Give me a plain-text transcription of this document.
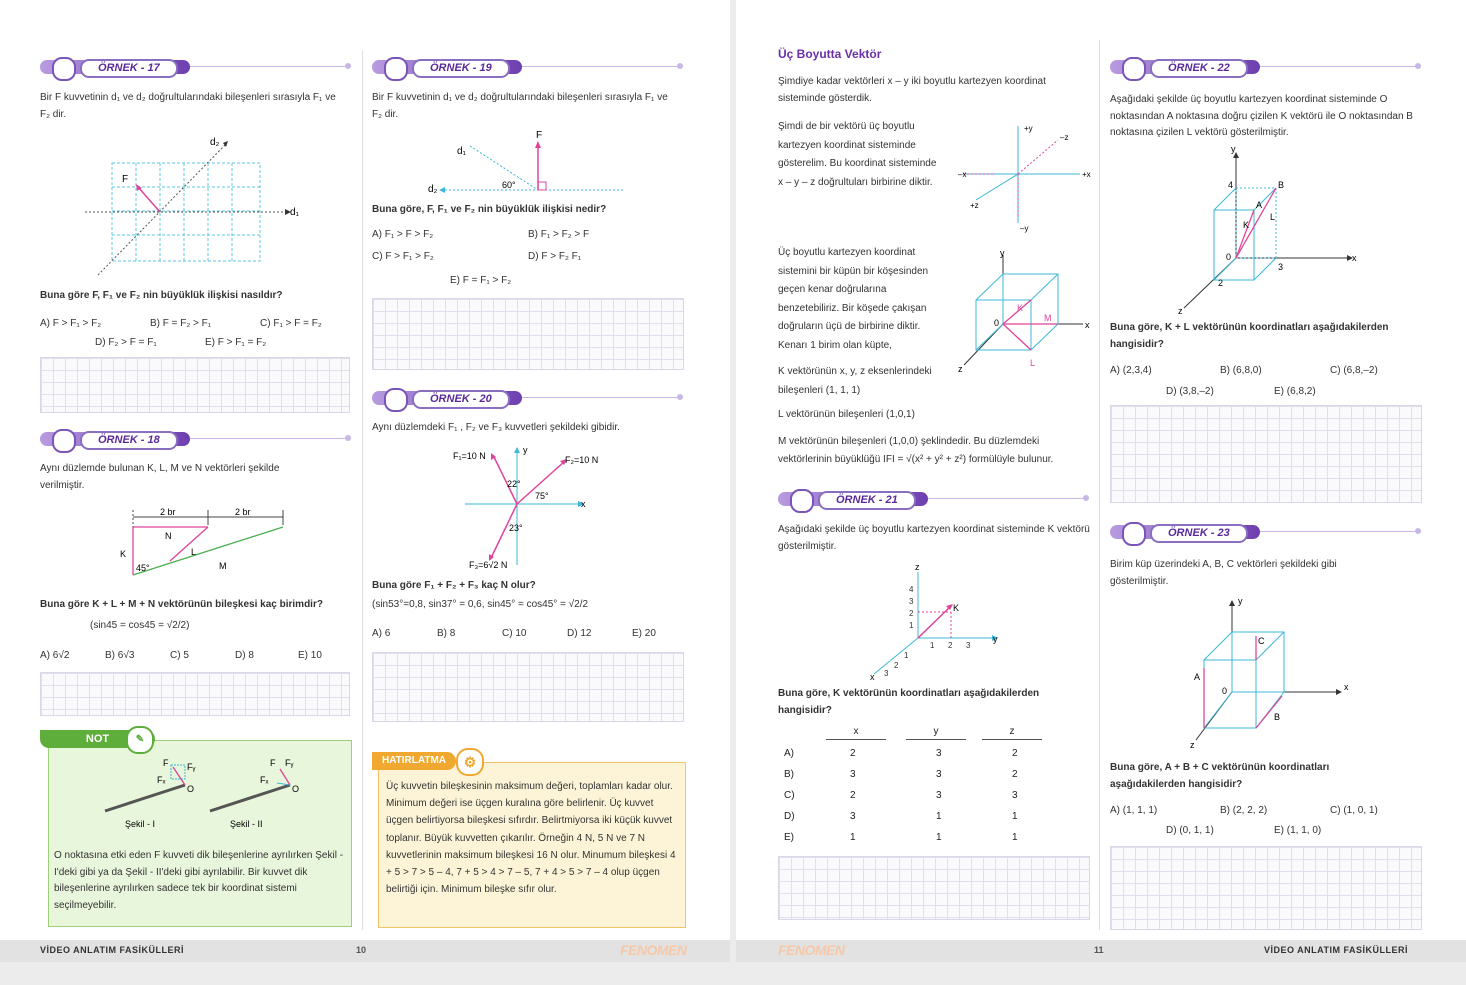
ÖRNEK - 17
Bir F kuvvetinin d₁ ve d₂ doğrultularındaki bileşenleri sırasıyla F₁ ve F₂ dir.
F
d₂
d₁
Buna göre F, F₁ ve F₂ nin büyüklük ilişkisi nasıldır?
A) F > F₁ > F₂	B) F = F₂ > F₁	C) F₁ > F = F₂
D) F₂ > F = F₁	E) F > F₁ = F₂
ÖRNEK - 18
Aynı düzlemde bulunan K, L, M ve N vektörleri şekilde verilmiştir.
2 br	2 br
K
N
L
M
45°
Buna göre K + L + M + N vektörünün bileşkesi kaç birimdir?
(sin45 = cos45 = √2/2)
A) 6√2	B) 6√3	C) 5	D) 8	E) 10
NOT	✎
F Fᵧ
Fₓ
O
F Fᵧ
Fₓ
O
Şekil - I	Şekil - II
O noktasına etki eden F kuvveti dik bileşenlerine ayrılırken Şekil - I'deki gibi ya da Şekil - II'deki gibi ayrılabilir. Bir kuvvet dik bileşenlerine ayrılırken sadece tek bir koordinat sistemi seçilmeyebilir.
ÖRNEK - 19
Bir F kuvvetinin d₁ ve d₂ doğrultularındaki bileşenleri sırasıyla F₁ ve F₂ dir.
d₁
d₂
F
60°
Buna göre, F, F₁ ve F₂ nin büyüklük ilişkisi nedir?
A) F₁ > F > F₂	B) F₁ > F₂ > F
C) F > F₁ > F₂	D) F > F₂ F₁
E) F = F₁ > F₂
ÖRNEK - 20
Aynı düzlemdeki F₁ , F₂ ve F₃ kuvvetleri şekildeki gibidir.
F₁=10 N	F₂=10 N
F₃=6√2 N
y
x
75°
22°
23°
Buna göre F₁ + F₂ + F₃ kaç N olur?
(sin53°=0,8, sin37° = 0,6, sin45° = cos45° = √2/2
A) 6	B) 8	C) 10	D) 12	E) 20
HATIRLATMA	⚙
Üç kuvvetin bileşkesinin maksimum değeri, toplamları kadar olur. Minimum değeri ise üçgen kuralına göre belirlenir. Üç kuvvet üçgen belirtiyorsa bileşkesi sıfırdır. Belirtmiyorsa iki küçük kuvvet toplanır. Büyük kuvvetten çıkarılır. Örneğin 4 N, 5 N ve 7 N kuvvetlerinin maksimum bileşkesi 16 N olur. Minumum bileşkesi 4 + 5 > 7 > 5 – 4, 7 + 5 > 4 > 7 – 5, 7 + 4 > 5 > 7 – 4 olup üçgen belirtiği için. Minimum bileşke sıfır olur.
VİDEO ANLATIM FASİKÜLLERİ	10	FENOMEN
Üç Boyutta Vektör
Şimdiye kadar vektörleri x – y iki boyutlu kartezyen koordinat sisteminde gösterdik.
Şimdi de bir vektörü üç boyutlu kartezyen koordinat sisteminde gösterelim. Bu koordinat sisteminde x – y – z doğrultuları birbirine diktir.
+y
–y
+x
–x
+z
–z
Üç boyutlu kartezyen koordinat sistemini bir küpün bir köşesinden geçen kenar doğrularına benzetebiliriz. Bir köşede çakışan doğruların üçü de birbirine diktir. Kenarı 1 birim olan küpte,
y
x
z
0
K
L
M
K vektörünün x, y, z eksenlerindeki bileşenleri (1, 1, 1)
L vektörünün bileşenleri (1,0,1)
M vektörünün bileşenleri (1,0,0) şeklindedir. Bu düzlemdeki vektörlerinin büyüklüğü IFI = √(x² + y² + z²) formülüyle bulunur.
ÖRNEK - 21
Aşağıdaki şekilde üç boyutlu kartezyen koordinat sisteminde K vektörü gösterilmiştir.
z
y
x
K
4
3
2
1
1 2 3
1
2
3
Buna göre, K vektörünün koordinatları aşağıdakilerden hangisidir?
x	y	z
A)	2	3	2
B)	3	3	2
C)	2	3	3
D)	3	1	1
E)	1	1	1
ÖRNEK - 22
Aşağıdaki şekilde üç boyutlu kartezyen koordinat sisteminde O noktasından A noktasına doğru çizilen K vektörü ile O noktasından B noktasına çizilen L vektörü gösterilmiştir.
y
x
z
0
A
B
K
L
4
3
2
Buna göre, K + L vektörünün koordinatları aşağıdakilerden hangisidir?
A) (2,3,4)	B) (6,8,0)	C) (6,8,–2)
D) (3,8,–2)	E) (6,8,2)
ÖRNEK - 23
Birim küp üzerindeki A, B, C vektörleri şekildeki gibi gösterilmiştir.
y
x
z
0
A
B
C
Buna göre, A + B + C vektörünün koordinatları aşağıdakilerden hangisidir?
A) (1, 1, 1)	B) (2, 2, 2)	C) (1, 0, 1)
D) (0, 1, 1)	E) (1, 1, 0)
FENOMEN	11	VİDEO ANLATIM FASİKÜLLERİ
